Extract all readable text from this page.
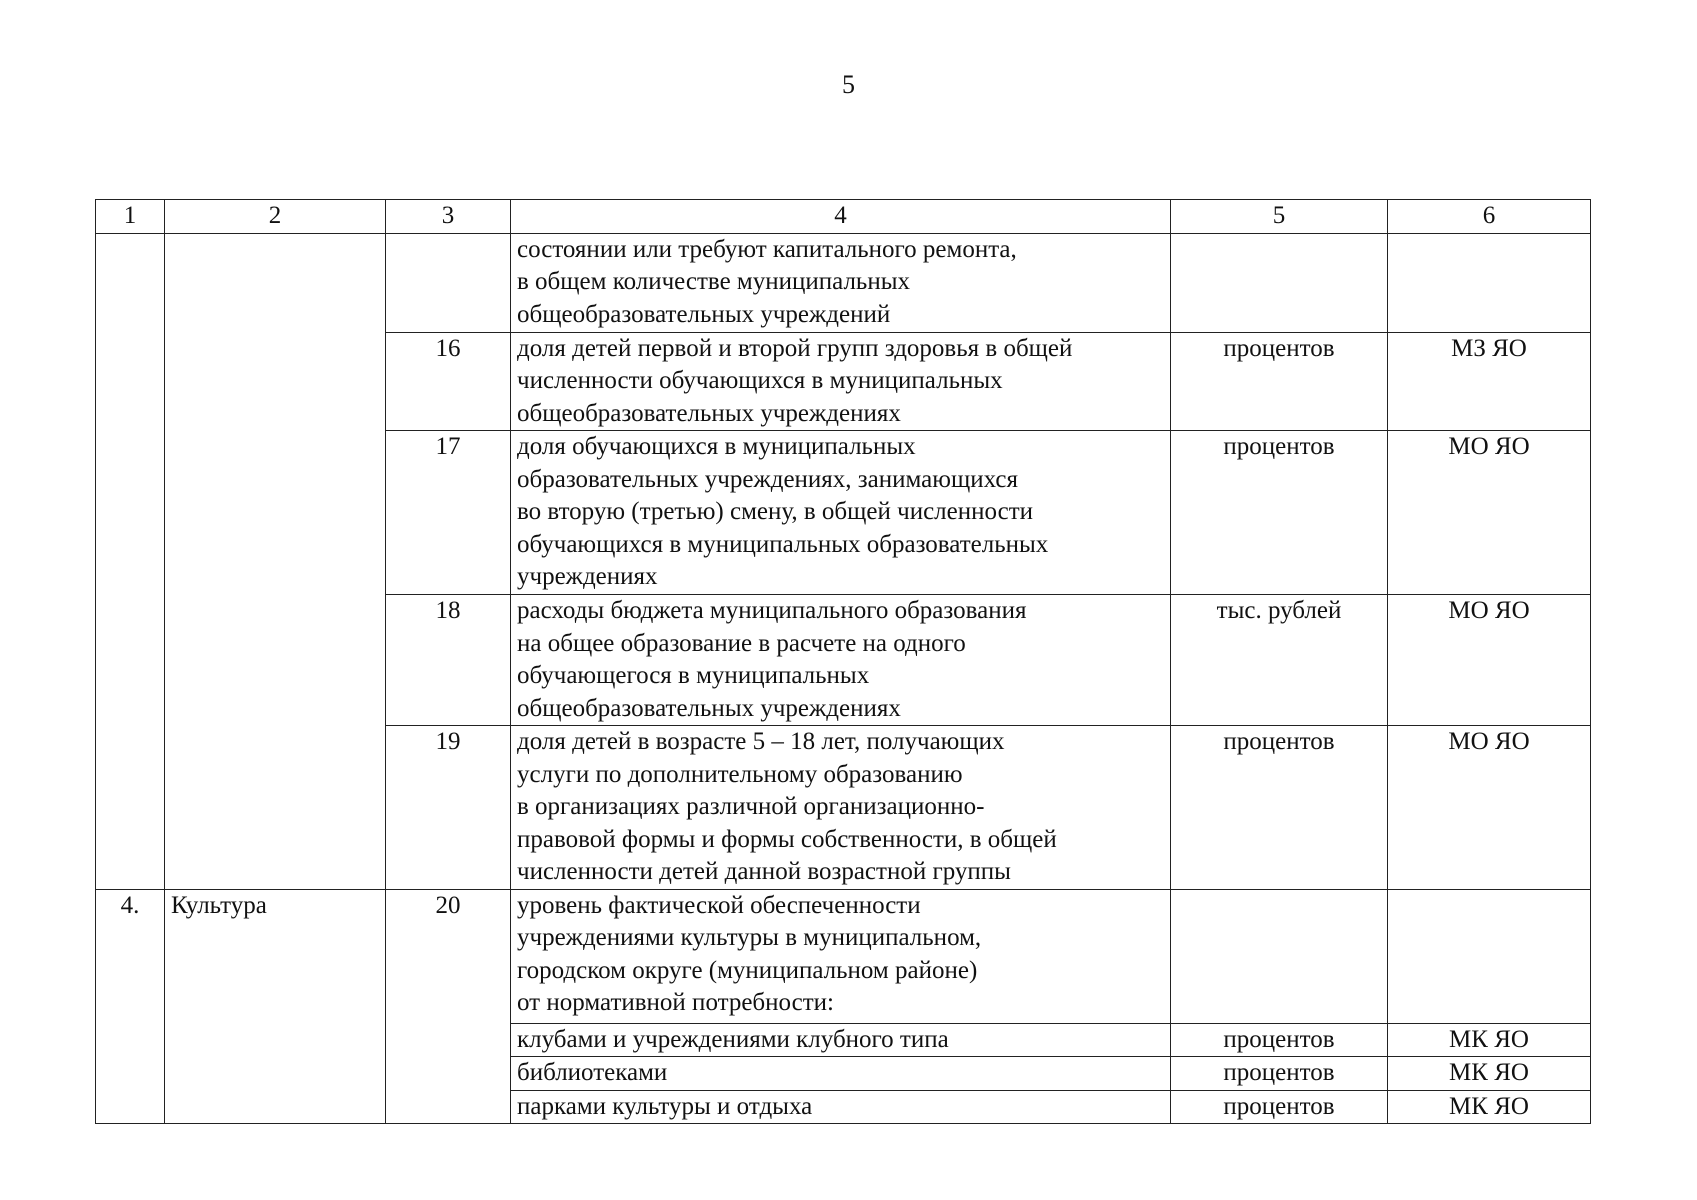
5
1	2	3	4	5	6
			состоянии или требуют капитального ремонта,
в общем количестве муниципальных
общеобразовательных учреждений		
		16	доля детей первой и второй групп здоровья в общей
численности обучающихся в муниципальных
общеобразовательных учреждениях	процентов	МЗ ЯО
		17	доля обучающихся в муниципальных
образовательных учреждениях, занимающихся
во вторую (третью) смену, в общей численности
обучающихся в муниципальных образовательных
учреждениях	процентов	МО ЯО
		18	расходы бюджета муниципального образования
на общее образование в расчете на одного
обучающегося в муниципальных
общеобразовательных учреждениях	тыс. рублей	МО ЯО
		19	доля детей в возрасте 5 – 18 лет, получающих
услуги по дополнительному образованию
в организациях различной организационно-
правовой формы и формы собственности, в общей
численности детей данной возрастной группы	процентов	МО ЯО
4.	Культура	20	уровень фактической обеспеченности
учреждениями культуры в муниципальном,
городском округе (муниципальном районе)
от нормативной потребности:		
			клубами и учреждениями клубного типа	процентов	МК ЯО
			библиотеками	процентов	МК ЯО
			парками культуры и отдыха	процентов	МК ЯО
